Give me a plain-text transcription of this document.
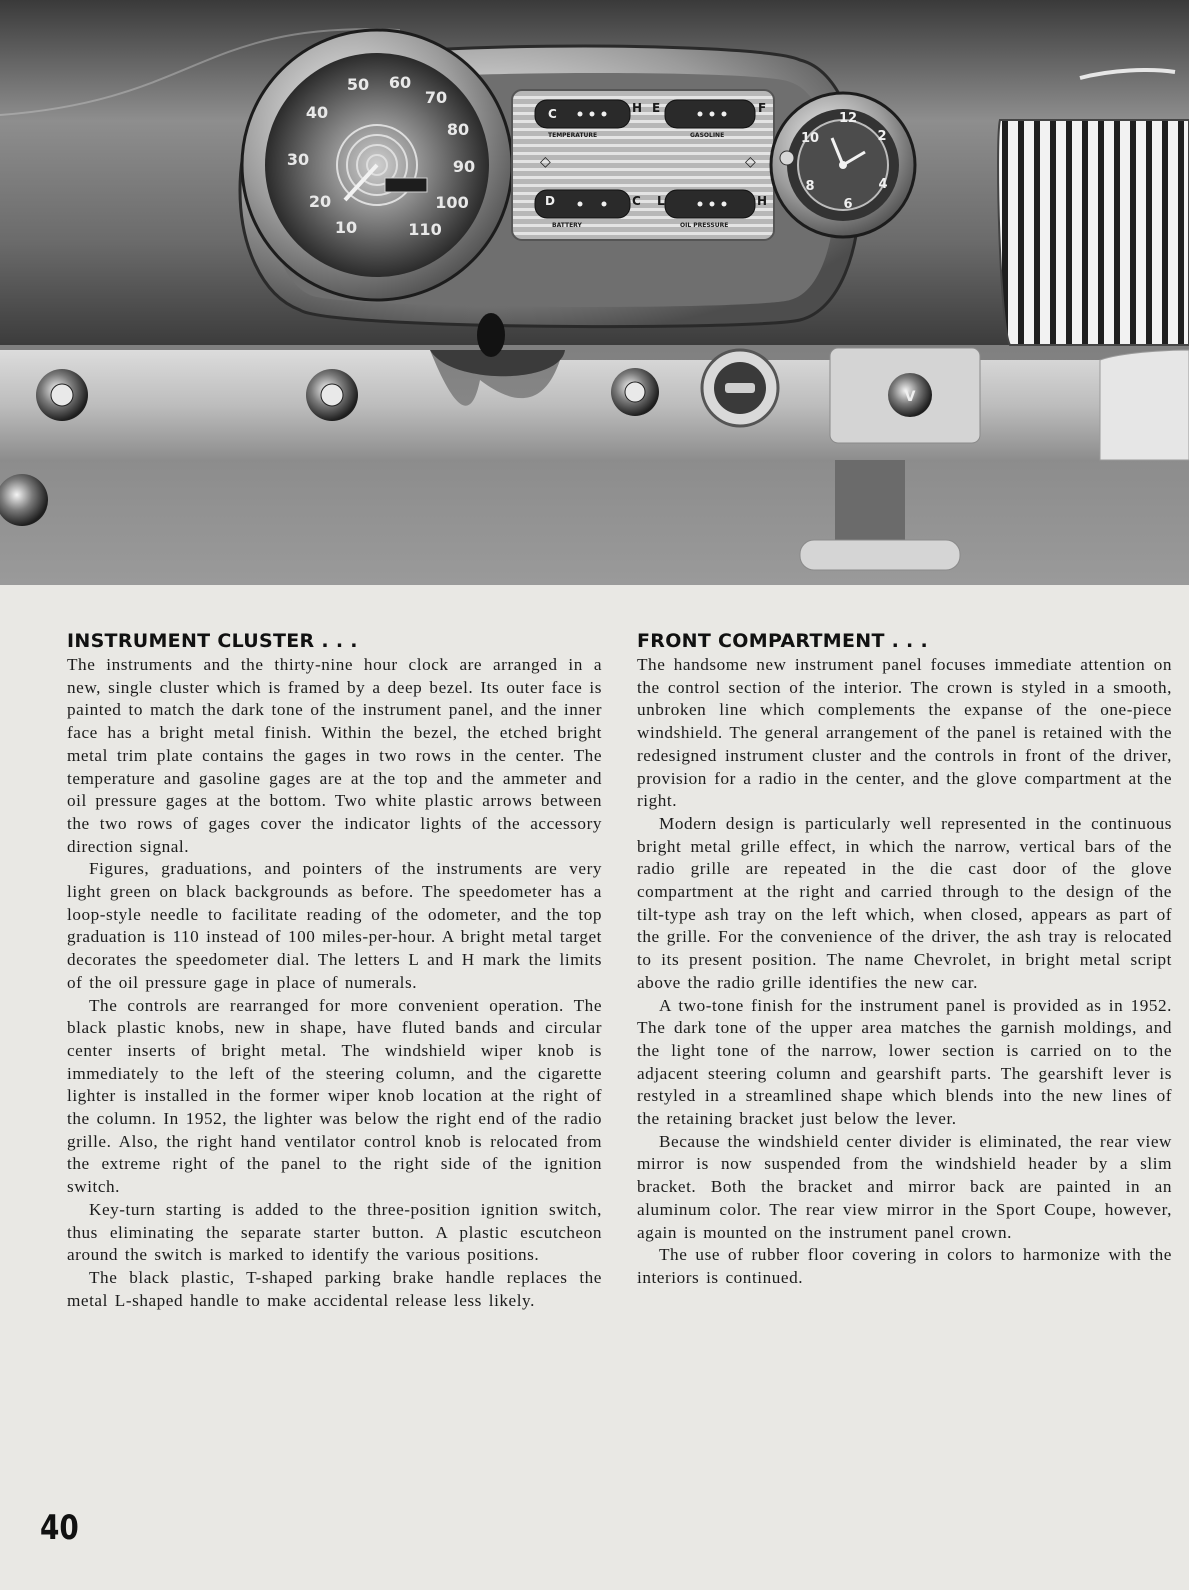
20
30
40
50 60
70
80
90
100
110
10
C	H
TEMPERATURE
E	F
GASOLINE
◇	◇
D	C
BATTERY
L	H
OIL PRESSURE
12
2
4
6
8
10
V
INSTRUMENT CLUSTER . . .

The instruments and the thirty-nine hour clock are arranged in a new, single cluster which is framed by a deep bezel. Its outer face is painted to match the dark tone of the instrument panel, and the inner face has a bright metal finish. Within the bezel, the etched bright metal trim plate contains the gages in two rows in the center. The temperature and gasoline gages are at the top and the ammeter and oil pressure gages at the bottom. Two white plastic arrows between the two rows of gages cover the indicator lights of the accessory direction signal.

Figures, graduations, and pointers of the instruments are very light green on black backgrounds as before. The speedometer has a loop-style needle to facilitate reading of the odometer, and the top graduation is 110 instead of 100 miles-per-hour. A bright metal target decorates the speedometer dial. The letters L and H mark the limits of the oil pressure gage in place of numerals.

The controls are rearranged for more convenient operation. The black plastic knobs, new in shape, have fluted bands and circular center inserts of bright metal. The windshield wiper knob is immediately to the left of the steering column, and the cigarette lighter is installed in the former wiper knob location at the right of the column. In 1952, the lighter was below the right end of the radio grille. Also, the right hand ventilator control knob is relocated from the extreme right of the panel to the right side of the ignition switch.

Key-turn starting is added to the three-position ignition switch, thus eliminating the separate starter button. A plastic escutcheon around the switch is marked to identify the various positions.

The black plastic, T-shaped parking brake handle replaces the metal L-shaped handle to make accidental release less likely.

FRONT COMPARTMENT . . .

The handsome new instrument panel focuses immediate attention on the control section of the interior. The crown is styled in a smooth, unbroken line which complements the expanse of the one-piece windshield. The general arrangement of the panel is retained with the redesigned instrument cluster and the controls in front of the driver, provision for a radio in the center, and the glove compartment at the right.

Modern design is particularly well represented in the continuous bright metal grille effect, in which the narrow, vertical bars of the radio grille are repeated in the die cast door of the glove compartment at the right and carried through to the design of the tilt-type ash tray on the left which, when closed, appears as part of the grille. For the convenience of the driver, the ash tray is relocated to its present position. The name Chevrolet, in bright metal script above the radio grille identifies the new car.

A two-tone finish for the instrument panel is provided as in 1952. The dark tone of the upper area matches the garnish moldings, and the light tone of the narrow, lower section is carried on to the adjacent steering column and gearshift parts. The gearshift lever is restyled in a streamlined shape which blends into the new lines of the retaining bracket just below the lever.

Because the windshield center divider is eliminated, the rear view mirror is now suspended from the windshield header by a slim bracket. Both the bracket and mirror back are painted in an aluminum color. The rear view mirror in the Sport Coupe, however, again is mounted on the instrument panel crown.

The use of rubber floor covering in colors to harmonize with the interiors is continued.

40
